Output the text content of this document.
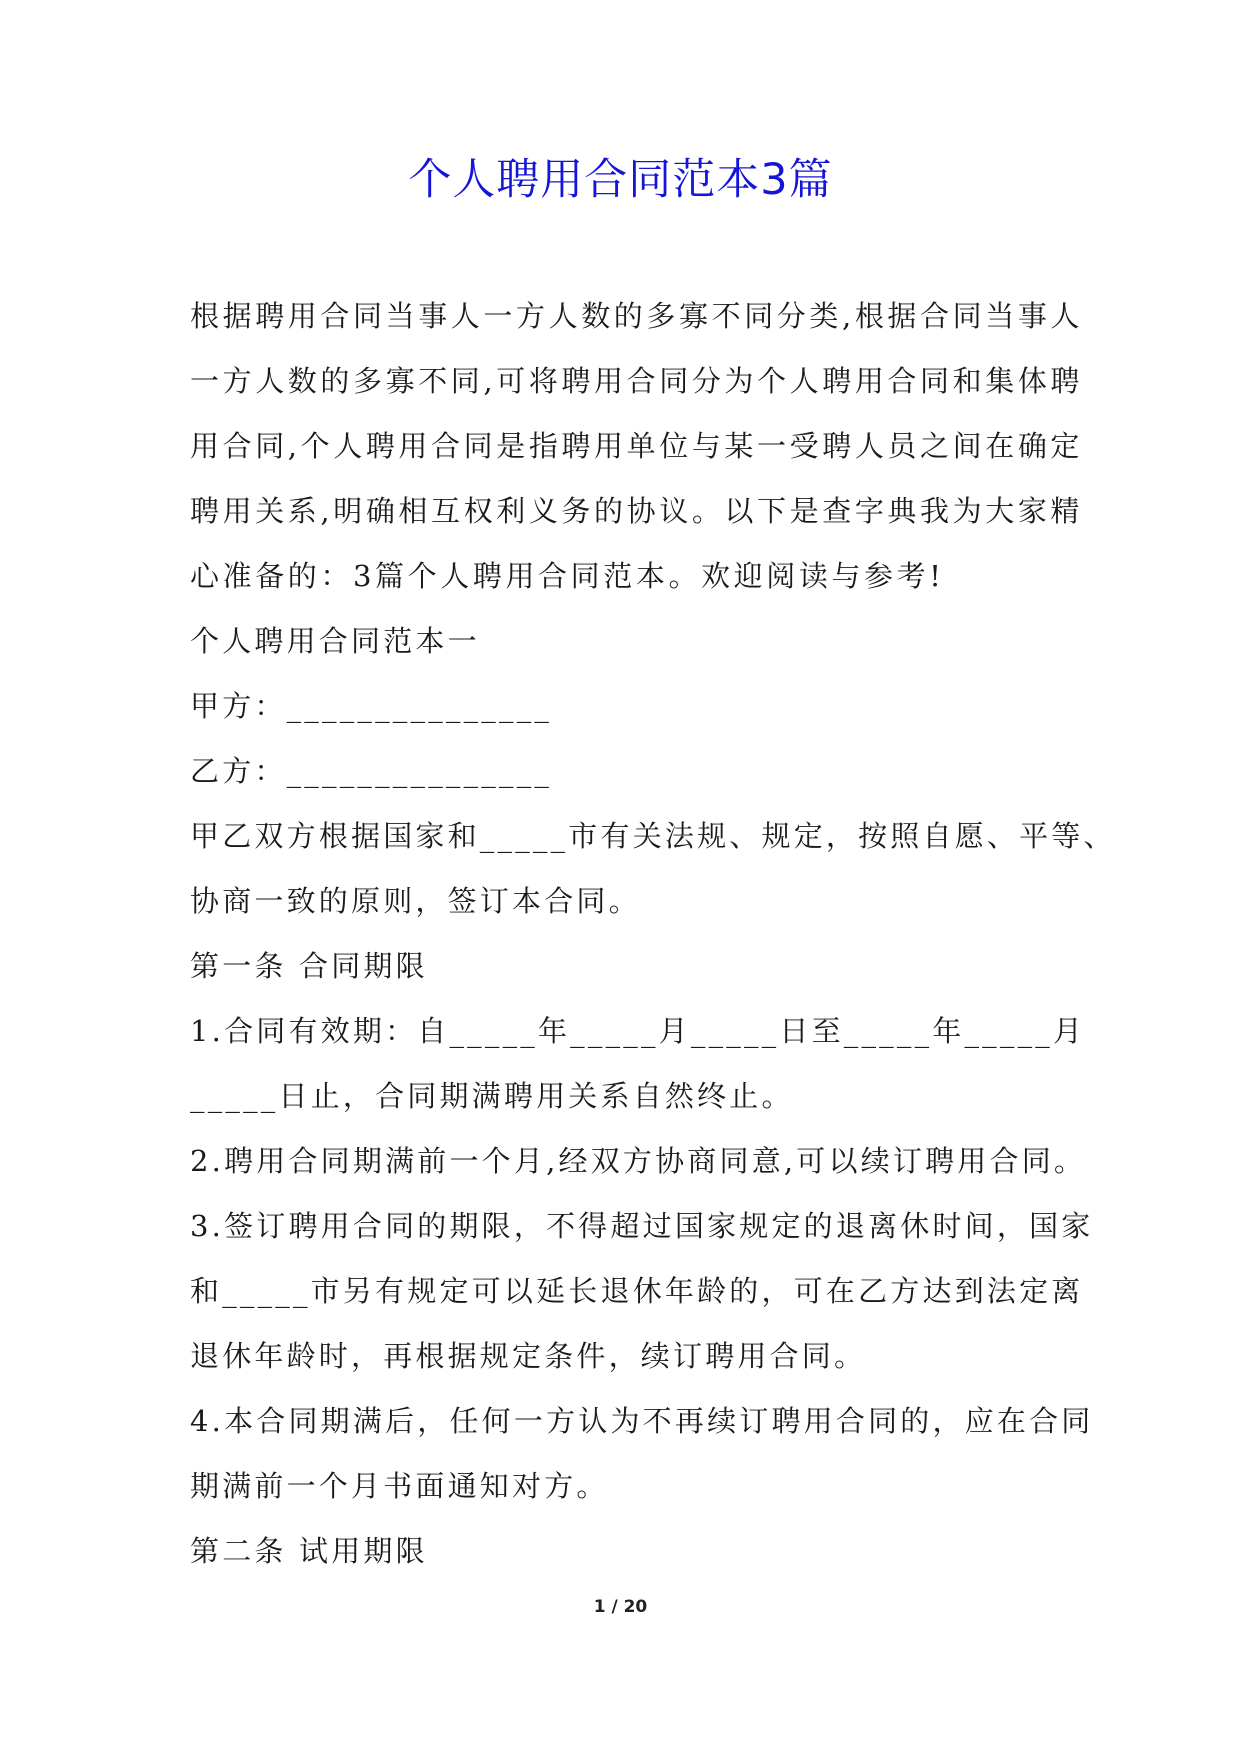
个人聘用合同范本3篇

根据聘用合同当事人一方人数的多寡不同分类,根据合同当事人

一方人数的多寡不同,可将聘用合同分为个人聘用合同和集体聘

用合同,个人聘用合同是指聘用单位与某一受聘人员之间在确定

聘用关系,明确相互权利义务的协议。以下是查字典我为大家精

心准备的：3篇个人聘用合同范本。欢迎阅读与参考!

个人聘用合同范本一

甲方：_______________

乙方：_______________

甲乙双方根据国家和_____市有关法规、规定，按照自愿、平等、

协商一致的原则，签订本合同。

第一条 合同期限

1.合同有效期：自_____年_____月_____日至_____年_____月

_____日止，合同期满聘用关系自然终止。

2.聘用合同期满前一个月,经双方协商同意,可以续订聘用合同。

3.签订聘用合同的期限，不得超过国家规定的退离休时间，国家

和_____市另有规定可以延长退休年龄的，可在乙方达到法定离

退休年龄时，再根据规定条件，续订聘用合同。

4.本合同期满后，任何一方认为不再续订聘用合同的，应在合同

期满前一个月书面通知对方。

第二条 试用期限

1 / 20
